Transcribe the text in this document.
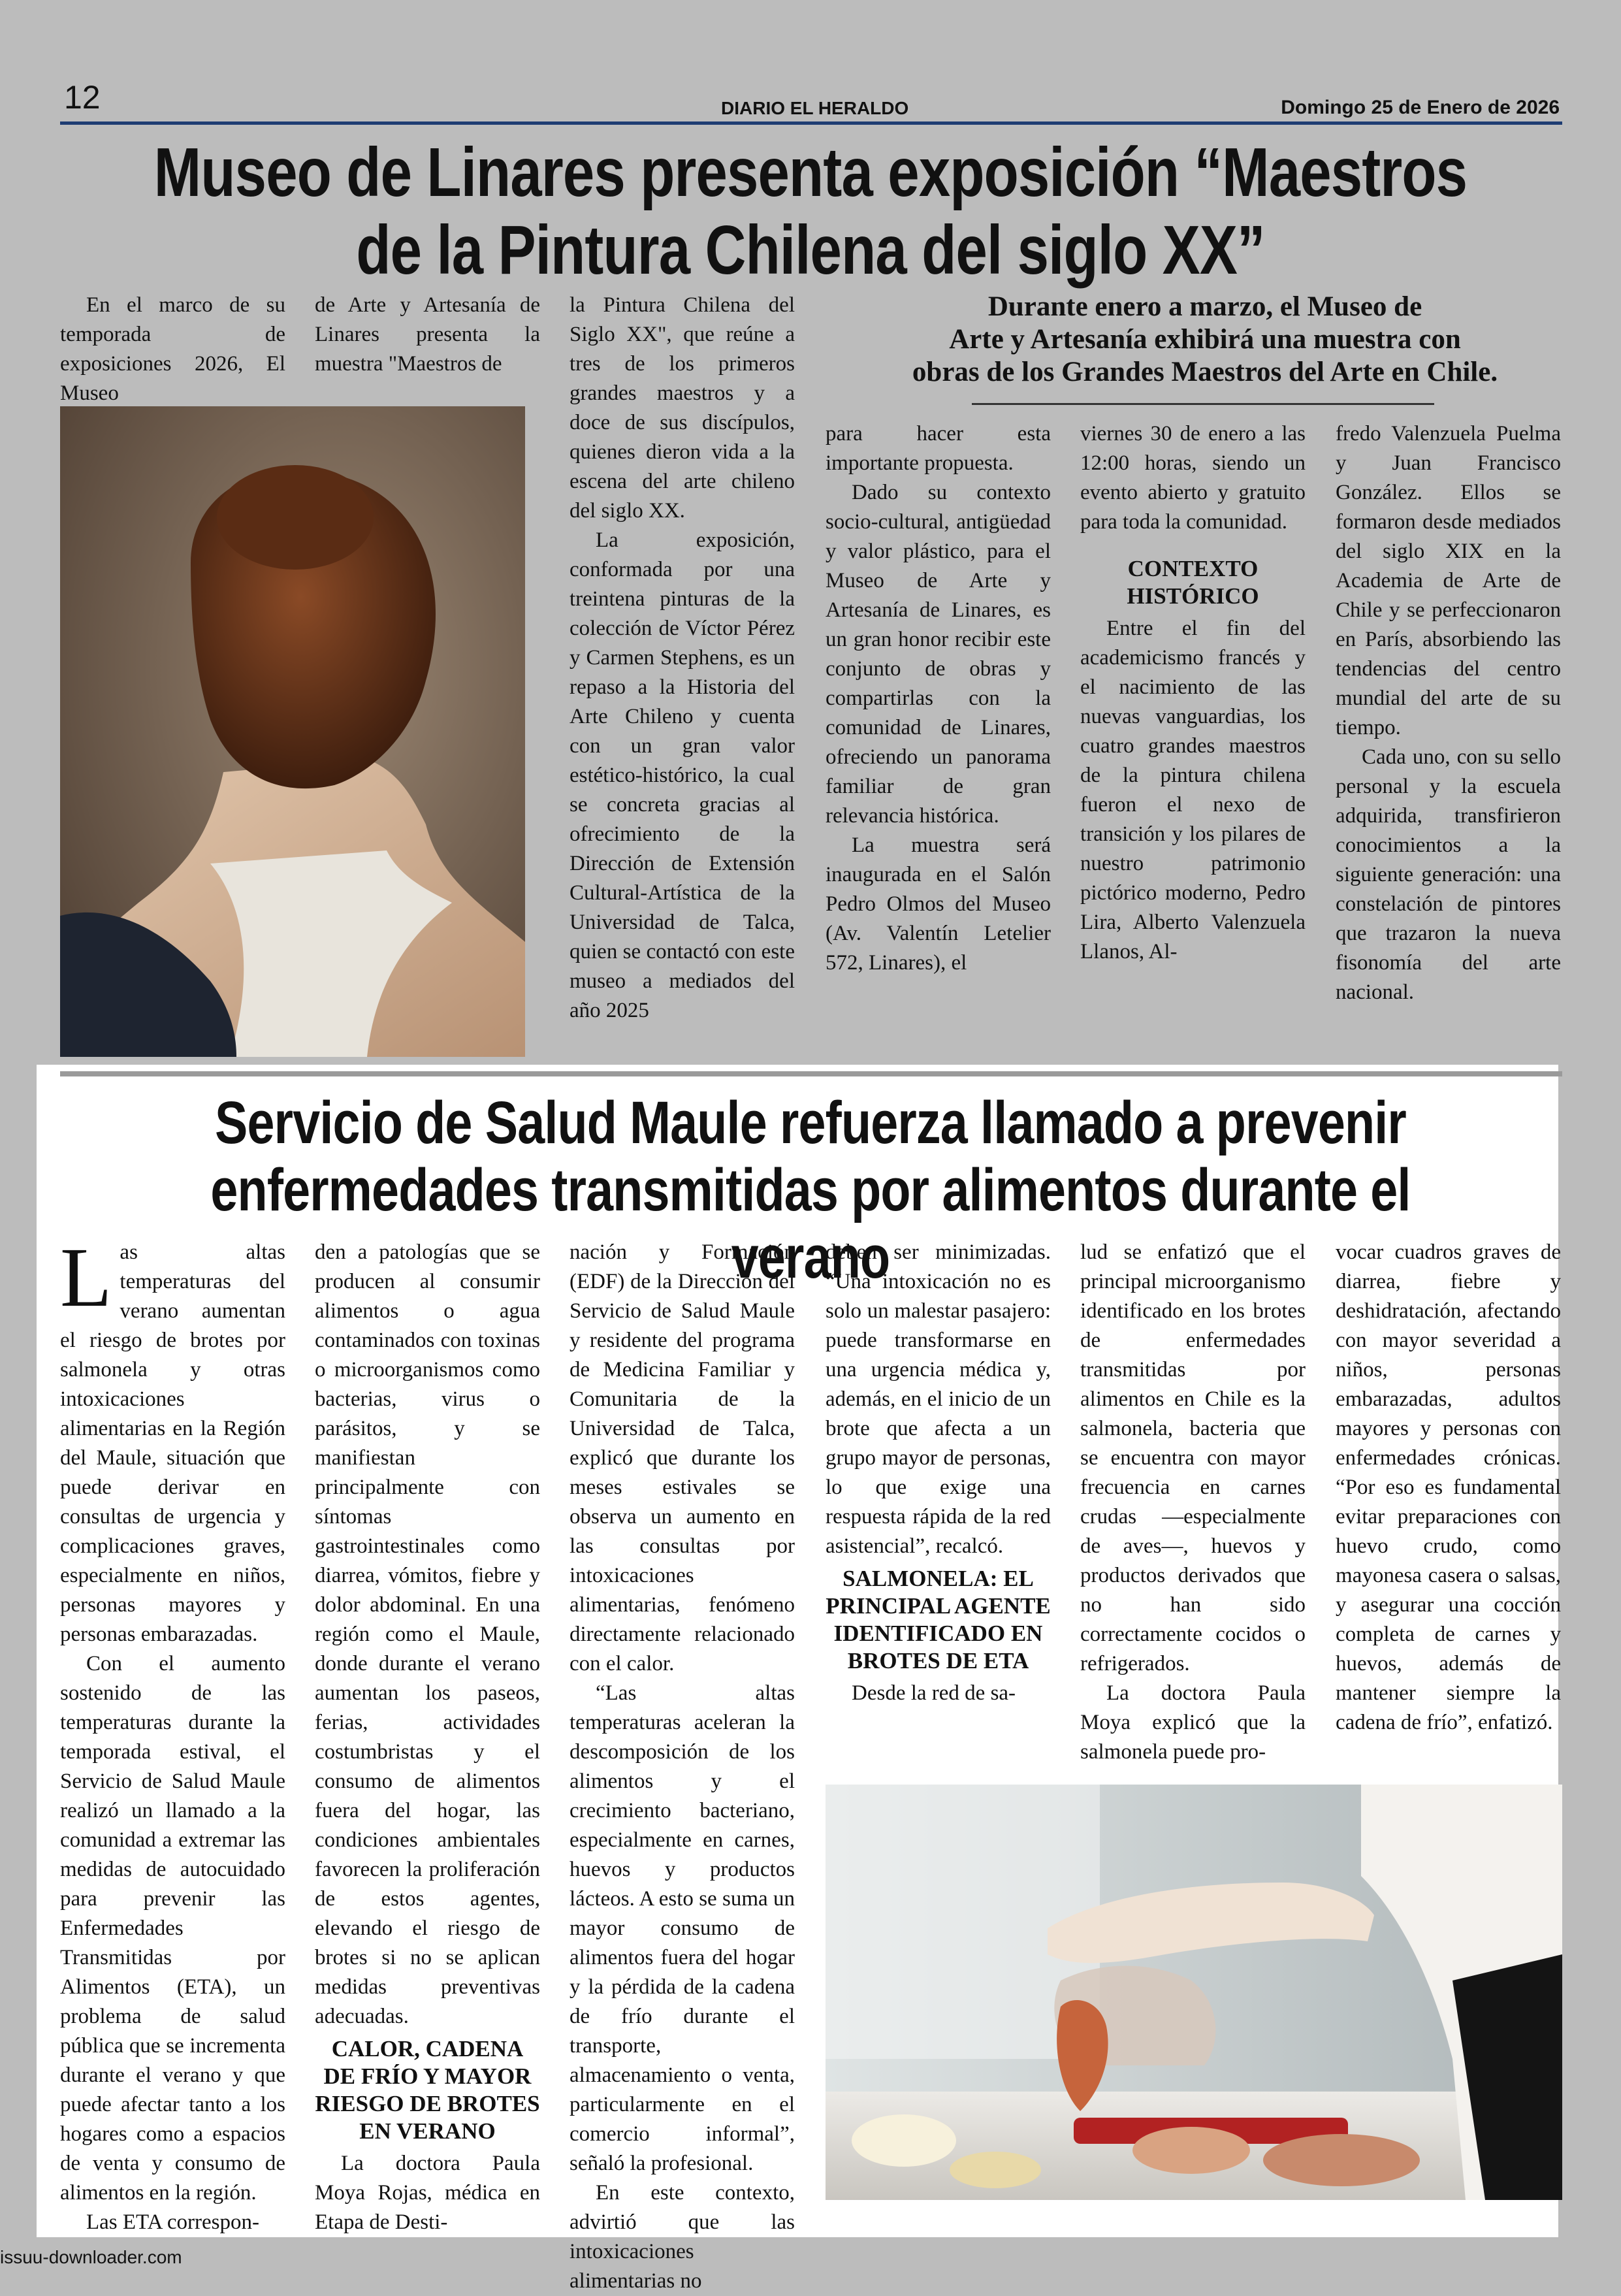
12	DIARIO EL HERALDO	Domingo 25 de Enero de 2026
Museo de Linares presenta exposición “Maestros
de la Pintura Chilena del siglo XX”

En el marco de su temporada de exposiciones 2026, El Museo

de Arte y Artesanía de Linares presenta la muestra "Maestros de

la Pintura Chilena del Siglo XX", que reúne a tres de los primeros grandes maestros y a doce de sus discípulos, quienes dieron vida a la escena del arte chileno del siglo XX.

La exposición, conformada por una treintena pinturas de la colección de Víctor Pérez y Carmen Stephens, es un repaso a la Historia del Arte Chileno y cuenta con un gran valor estético-histórico, la cual se concreta gracias al ofrecimiento de la Dirección de Extensión Cultural-Artística de la Universidad de Talca, quien se contactó con este museo a mediados del año 2025

Durante enero a marzo, el Museo de
Arte y Artesanía exhibirá una muestra con
obras de los Grandes Maestros del Arte en Chile.

para hacer esta importante propuesta.

Dado su contexto socio-cultural, antigüedad y valor plástico, para el Museo de Arte y Artesanía de Linares, es un gran honor recibir este conjunto de obras y compartirlas con la comunidad de Linares, ofreciendo un panorama familiar de gran relevancia histórica.

La muestra será inaugurada en el Salón Pedro Olmos del Museo (Av. Valentín Letelier 572, Linares), el

viernes 30 de enero a las 12:00 horas, siendo un evento abierto y gratuito para toda la comunidad.

CONTEXTO HISTÓRICO

Entre el fin del academicismo francés y el nacimiento de las nuevas vanguardias, los cuatro grandes maestros de la pintura chilena fueron el nexo de transición y los pilares de nuestro patrimonio pictórico moderno, Pedro Lira, Alberto Valenzuela Llanos, Al-

fredo Valenzuela Puelma y Juan Francisco González. Ellos se formaron desde mediados del siglo XIX en la Academia de Arte de Chile y se perfeccionaron en París, absorbiendo las tendencias del centro mundial del arte de su tiempo.

Cada uno, con su sello personal y la escuela adquirida, transfirieron conocimientos a la siguiente generación: una constelación de pintores que trazaron la nueva fisonomía del arte nacional.

Servicio de Salud Maule refuerza llamado a prevenir
enfermedades transmitidas por alimentos durante el verano

Las altas temperaturas del verano aumentan el riesgo de brotes por salmonela y otras intoxicaciones alimentarias en la Región del Maule, situación que puede derivar en consultas de urgencia y complicaciones graves, especialmente en niños, personas mayores y personas embarazadas.

Con el aumento sostenido de las temperaturas durante la temporada estival, el Servicio de Salud Maule realizó un llamado a la comunidad a extremar las medidas de autocuidado para prevenir las Enfermedades Transmitidas por Alimentos (ETA), un problema de salud pública que se incrementa durante el verano y que puede afectar tanto a los hogares como a espacios de venta y consumo de alimentos en la región.

Las ETA correspon-

den a patologías que se producen al consumir alimentos o agua contaminados con toxinas o microorganismos como bacterias, virus o parásitos, y se manifiestan principalmente con síntomas gastrointestinales como diarrea, vómitos, fiebre y dolor abdominal. En una región como el Maule, donde durante el verano aumentan los paseos, ferias, actividades costumbristas y el consumo de alimentos fuera del hogar, las condiciones ambientales favorecen la proliferación de estos agentes, elevando el riesgo de brotes si no se aplican medidas preventivas adecuadas.

CALOR, CADENA DE FRÍO Y MAYOR RIESGO DE BROTES EN VERANO

La doctora Paula Moya Rojas, médica en Etapa de Desti-

nación y Formación (EDF) de la Dirección del Servicio de Salud Maule y residente del programa de Medicina Familiar y Comunitaria de la Universidad de Talca, explicó que durante los meses estivales se observa un aumento en las consultas por intoxicaciones alimentarias, fenómeno directamente relacionado con el calor.

“Las altas temperaturas aceleran la descomposición de los alimentos y el crecimiento bacteriano, especialmente en carnes, huevos y productos lácteos. A esto se suma un mayor consumo de alimentos fuera del hogar y la pérdida de la cadena de frío durante el transporte, almacenamiento o venta, particularmente en el comercio informal”, señaló la profesional.

En este contexto, advirtió que las intoxicaciones alimentarias no

deben ser minimizadas. “Una intoxicación no es solo un malestar pasajero: puede transformarse en una urgencia médica y, además, en el inicio de un brote que afecta a un grupo mayor de personas, lo que exige una respuesta rápida de la red asistencial”, recalcó.

SALMONELA: EL PRINCIPAL AGENTE IDENTIFICADO EN BROTES DE ETA

Desde la red de sa-

lud se enfatizó que el principal microorganismo identificado en los brotes de enfermedades transmitidas por alimentos en Chile es la salmonela, bacteria que se encuentra con mayor frecuencia en carnes crudas —especialmente de aves—, huevos y productos derivados que no han sido correctamente cocidos o refrigerados.

La doctora Paula Moya explicó que la salmonela puede pro-

vocar cuadros graves de diarrea, fiebre y deshidratación, afectando con mayor severidad a niños, personas embarazadas, adultos mayores y personas con enfermedades crónicas. “Por eso es fundamental evitar preparaciones con huevo crudo, como mayonesa casera o salsas, y asegurar una cocción completa de carnes y huevos, además de mantener siempre la cadena de frío”, enfatizó.

issuu-downloader.com
